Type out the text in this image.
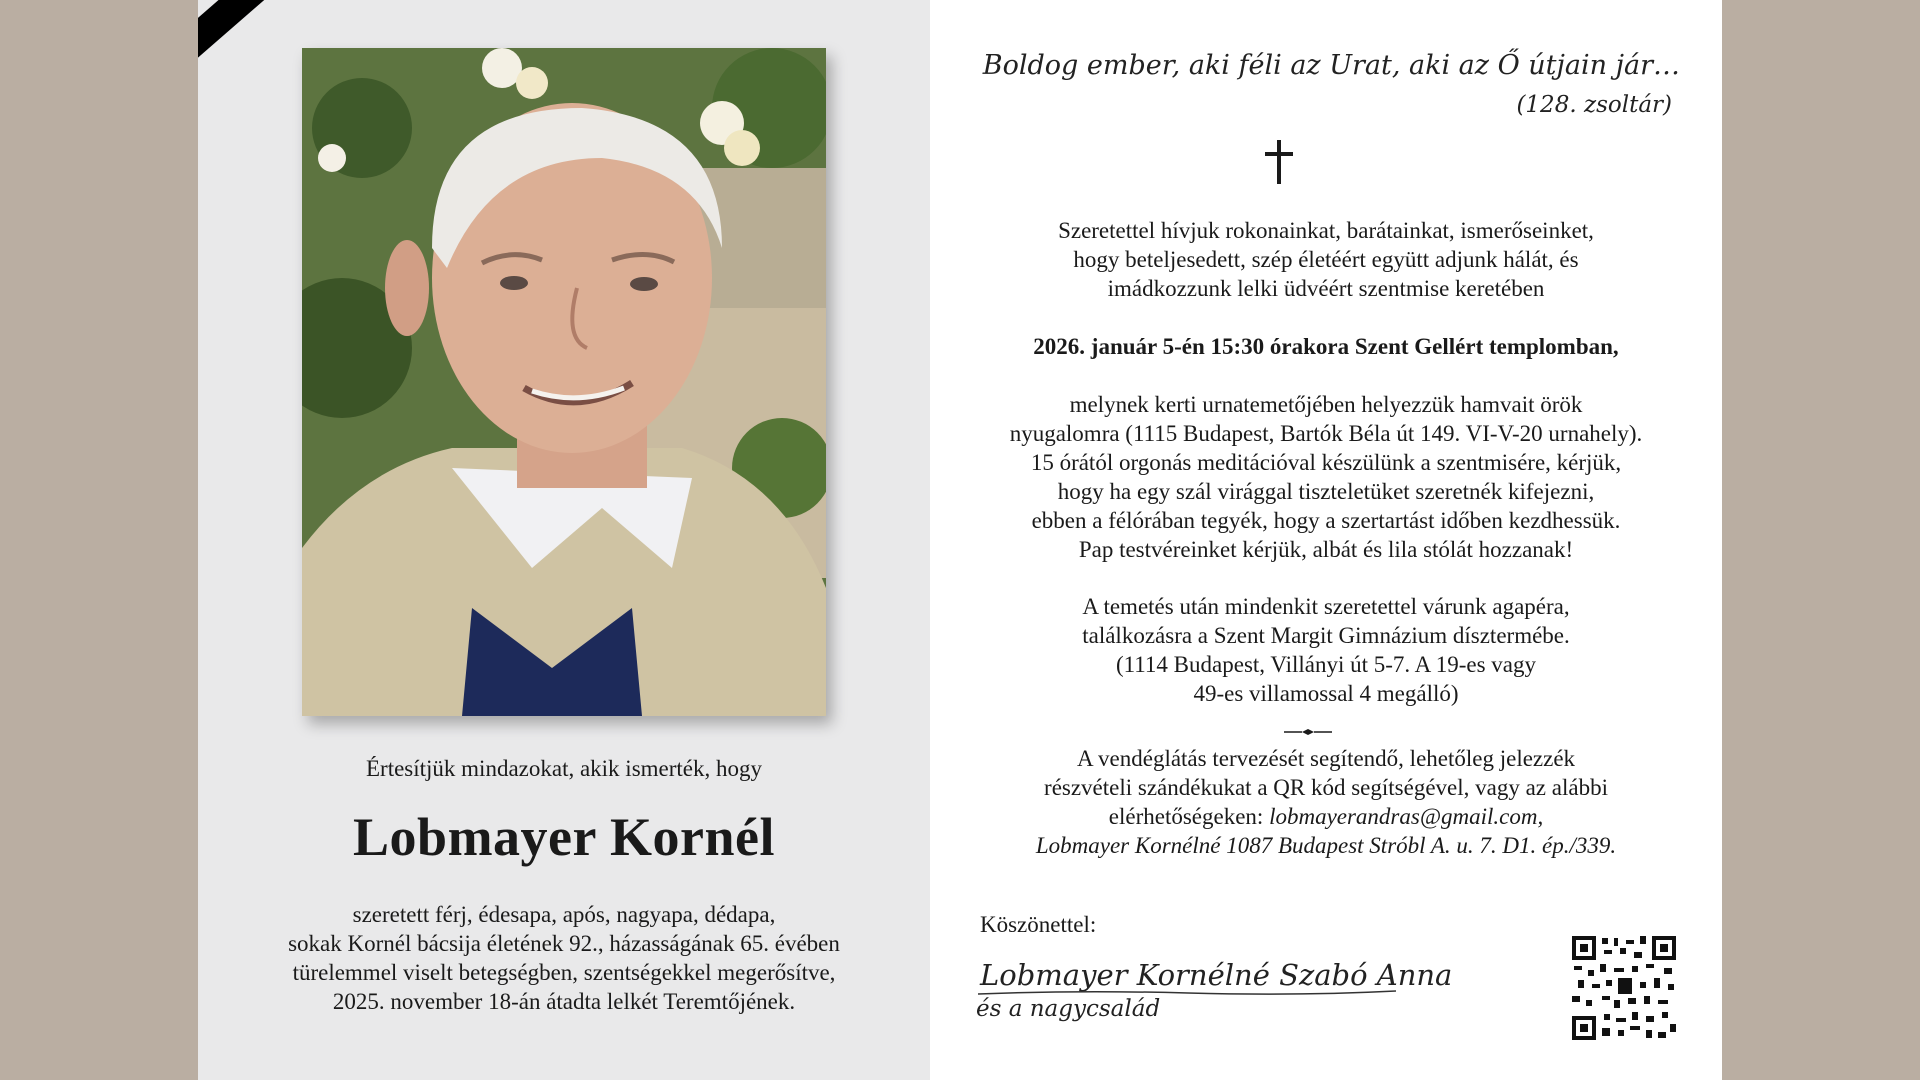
Értesítjük mindazokat, akik ismerték, hogy
Lobmayer Kornél
szeretett férj, édesapa, após, nagyapa, dédapa,
sokak Kornél bácsija életének 92., házasságának 65. évében
türelemmel viselt betegségben, szentségekkel megerősítve,
2025. november 18-án átadta lelkét Teremtőjének.
Boldog ember, aki féli az Urat, aki az Ő útjain jár…
(128. zsoltár)
Szeretettel hívjuk rokonainkat, barátainkat, ismerőseinket,
hogy beteljesedett, szép életéért együtt adjunk hálát, és
imádkozzunk lelki üdvéért szentmise keretében
2026. január 5-én 15:30 órakora Szent Gellért templomban,
melynek kerti urnatemetőjében helyezzük hamvait örök
nyugalomra (1115 Budapest, Bartók Béla út 149. VI-V-20 urnahely).
15 órától orgonás meditációval készülünk a szentmisére, kérjük,
hogy ha egy szál virággal tiszteletüket szeretnék kifejezni,
ebben a félórában tegyék, hogy a szertartást időben kezdhessük.
Pap testvéreinket kérjük, albát és lila stólát hozzanak!
A temetés után mindenkit szeretettel várunk agapéra,
találkozásra a Szent Margit Gimnázium dísztermébe.
(1114 Budapest, Villányi út 5-7. A 19-es vagy
49-es villamossal 4 megálló)
A vendéglátás tervezését segítendő, lehetőleg jelezzék
részvételi szándékukat a QR kód segítségével, vagy az alábbi
elérhetőségeken: lobmayerandras@gmail.com,
Lobmayer Kornélné 1087 Budapest Stróbl A. u. 7. D1. ép./339.
Köszönettel:
Lobmayer Kornélné Szabó Anna
és a nagycsalád
